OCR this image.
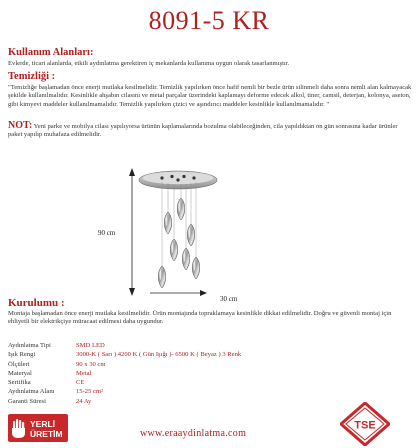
8091-5 KR
Kullanım Alanları:

Evlerde, ticari alanlarda, etkili aydınlatma gerektiren iç mekanlarda kullanıma uygun olarak tasarlanmıştır.

Temizliği :

"Temizliğe başlamadan önce enerji mutlaka kesilmelidir. Temizlik yapılırken önce hafif nemli bir bezle ürün silinmeli daha sonra nemli alan kalmayacak şekilde kullanılmalıdır. Kesinlikle ahşabın cilasını ve metal parçalar üzerindeki kaplamayı deforme edecek alkol, tiner, camsil, deterjan, kolonya, aseton, gibi kimyevi maddeler kullanılmamalıdır. Temizlik yapılırken çizici ve aşındırıcı maddeler kesinlikle kullanılmamalıdır. "

NOT: Yeni parke ve mobilya cilası yapılıyorsa ürünün kaplamalarında bozulma olabileceğinden, cila yapıldıktan on gün sonrasına kadar ürünler paket yapılıp muhafaza edilmelidir.

90 cm
30 cm
Kurulumu :

Montaja başlamadan önce enerji mutlaka kesilmelidir. Ürün montajında topraklamaya kesinlikle dikkat edilmelidir. Doğru ve güvenli montaj için ehliyetli bir elektrikçiye müracaat edilmesi daha uygundur.

Aydınlatma Tipi	SMD LED
Işık Rengi	3000-K ( Sarı ) 4200 K ( Gün Işığı )- 6500 K ( Beyaz ) 3 Renk
Ölçüleri	90 x 30 cm
Materyal	Metal
Sertifika	CE
Aydınlatma Alanı	15-25 cm²
Garanti Süresi	24 Ay
YERLİ
ÜRETİM	www.eraaydinlatma.com
TSE
